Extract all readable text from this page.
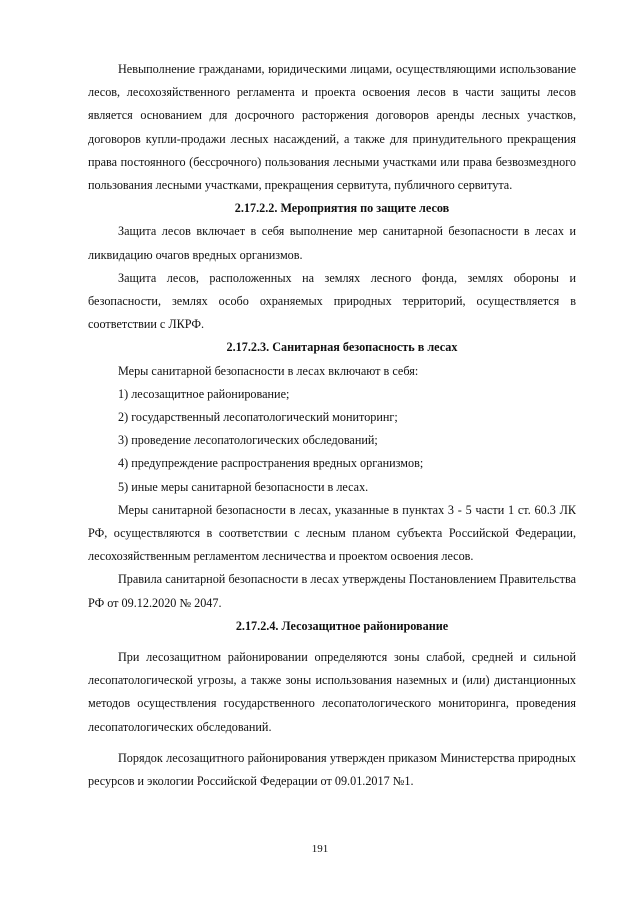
Невыполнение гражданами, юридическими лицами, осуществляющими использование лесов, лесохозяйственного регламента и проекта освоения лесов в части защиты лесов является основанием для досрочного расторжения договоров аренды лесных участков, договоров купли-продажи лесных насаждений, а также для принудительного прекращения права постоянного (бессрочного) пользования лесными участками или права безвозмездного пользования лесными участками, прекращения сервитута, публичного сервитута.

2.17.2.2. Мероприятия по защите лесов

Защита лесов включает в себя выполнение мер санитарной безопасности в лесах и ликвидацию очагов вредных организмов.

Защита лесов, расположенных на землях лесного фонда, землях обороны и безопасности, землях особо охраняемых природных территорий, осуществляется в соответствии с ЛКРФ.

2.17.2.3. Санитарная безопасность в лесах

Меры санитарной безопасности в лесах включают в себя:

1) лесозащитное районирование;

2) государственный лесопатологический мониторинг;

3) проведение лесопатологических обследований;

4) предупреждение распространения вредных организмов;

5) иные меры санитарной безопасности в лесах.

Меры санитарной безопасности в лесах, указанные в пунктах 3 - 5 части 1 ст. 60.3 ЛК РФ, осуществляются в соответствии с лесным планом субъекта Российской Федерации, лесохозяйственным регламентом лесничества и проектом освоения лесов.

Правила санитарной безопасности в лесах утверждены Постановлением Правительства РФ от 09.12.2020 № 2047.

2.17.2.4. Лесозащитное районирование

При лесозащитном районировании определяются зоны слабой, средней и сильной лесопатологической угрозы, а также зоны использования наземных и (или) дистанционных методов осуществления государственного лесопатологического мониторинга, проведения лесопатологических обследований.

Порядок лесозащитного районирования утвержден приказом Министерства природных ресурсов и экологии Российской Федерации от 09.01.2017 №1.

191
